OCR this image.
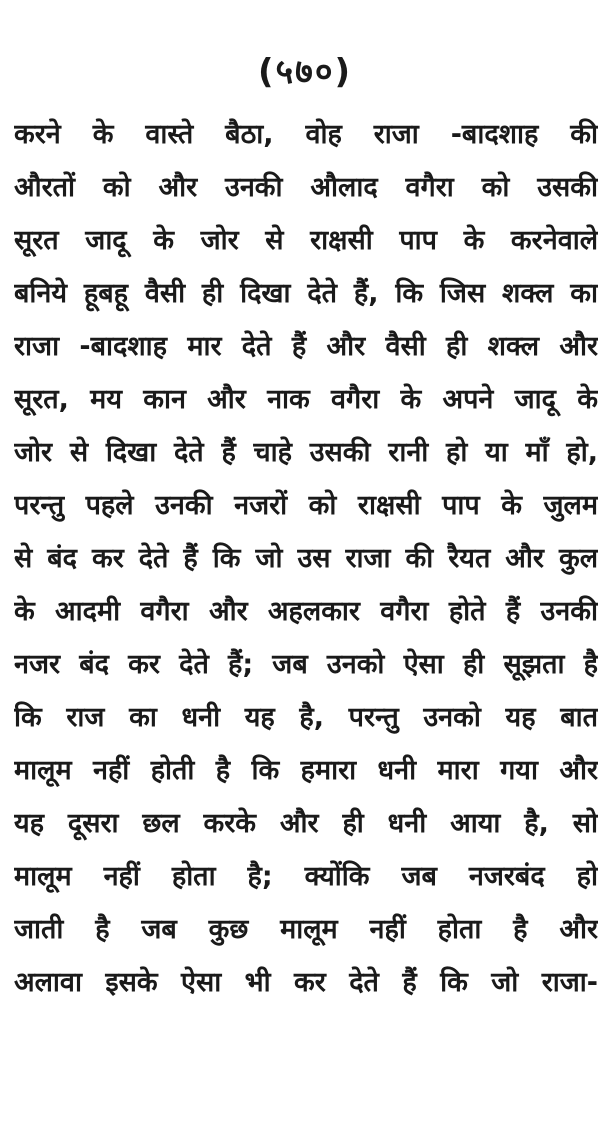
(५७०)
करने के वास्ते बैठा, वोह राजा -बादशाह की
औरतों को और उनकी औलाद वगैरा को उसकी
सूरत जादू के जोर से राक्षसी पाप के करनेवाले
बनिये हूबहू वैसी ही दिखा देते हैं, कि जिस शक्ल का
राजा -बादशाह मार देते हैं और वैसी ही शक्ल और
सूरत, मय कान और नाक वगैरा के अपने जादू के
जोर से दिखा देते हैं चाहे उसकी रानी हो या माँ हो,
परन्तु पहले उनकी नजरों को राक्षसी पाप के जुलम
से बंद कर देते हैं कि जो उस राजा की रैयत और कुल
के आदमी वगैरा और अहलकार वगैरा होते हैं उनकी
नजर बंद कर देते हैं; जब उनको ऐसा ही सूझता है
कि राज का धनी यह है, परन्तु उनको यह बात
मालूम नहीं होती है कि हमारा धनी मारा गया और
यह दूसरा छल करके और ही धनी आया है, सो
मालूम नहीं होता है; क्योंकि जब नजरबंद हो
जाती है जब कुछ मालूम नहीं होता है और
अलावा इसके ऐसा भी कर देते हैं कि जो राजा-
